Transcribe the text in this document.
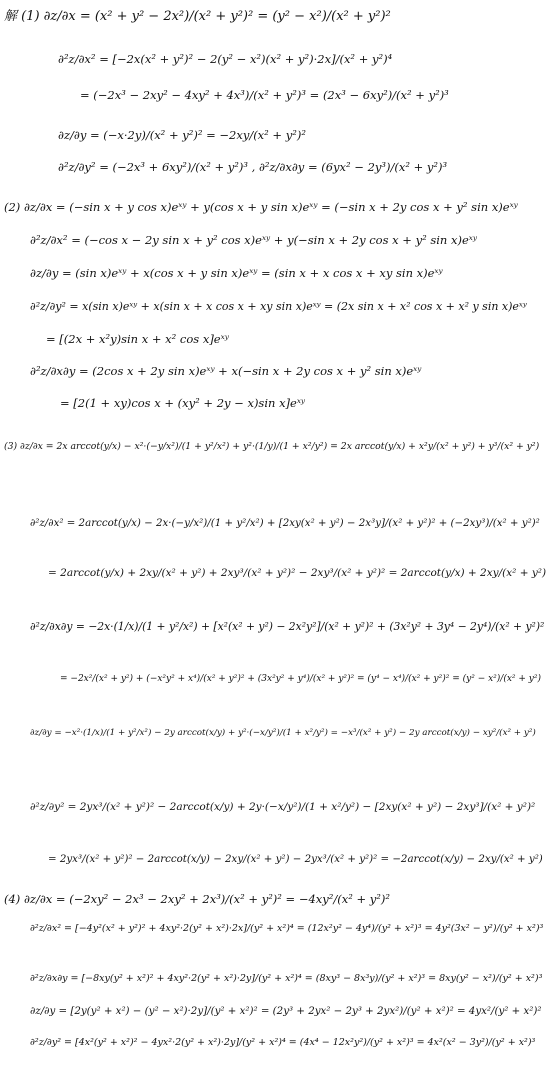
解 (1) ∂z/∂x = (x² + y² − 2x²)/(x² + y²)² = (y² − x²)/(x² + y²)²
∂²z/∂x² = [−2x(x² + y²)² − 2(y² − x²)(x² + y²)·2x]/(x² + y²)⁴
= (−2x³ − 2xy² − 4xy² + 4x³)/(x² + y²)³ = (2x³ − 6xy²)/(x² + y²)³
∂z/∂y = (−x·2y)/(x² + y²)² = −2xy/(x² + y²)²
∂²z/∂y² = (−2x³ + 6xy²)/(x² + y²)³ , ∂²z/∂x∂y = (6yx² − 2y³)/(x² + y²)³
(2) ∂z/∂x = (−sin x + y cos x)eˣʸ + y(cos x + y sin x)eˣʸ = (−sin x + 2y cos x + y² sin x)eˣʸ
∂²z/∂x² = (−cos x − 2y sin x + y² cos x)eˣʸ + y(−sin x + 2y cos x + y² sin x)eˣʸ
∂z/∂y = (sin x)eˣʸ + x(cos x + y sin x)eˣʸ = (sin x + x cos x + xy sin x)eˣʸ
∂²z/∂y² = x(sin x)eˣʸ + x(sin x + x cos x + xy sin x)eˣʸ = (2x sin x + x² cos x + x² y sin x)eˣʸ
= [(2x + x²y)sin x + x² cos x]eˣʸ
∂²z/∂x∂y = (2cos x + 2y sin x)eˣʸ + x(−sin x + 2y cos x + y² sin x)eˣʸ
= [2(1 + xy)cos x + (xy² + 2y − x)sin x]eˣʸ
(3) ∂z/∂x = 2x arccot(y/x) − x²·(−y/x²)/(1 + y²/x²) + y²·(1/y)/(1 + x²/y²) = 2x arccot(y/x) + x²y/(x² + y²) + y³/(x² + y²)
∂²z/∂x² = 2arccot(y/x) − 2x·(−y/x²)/(1 + y²/x²) + [2xy(x² + y²) − 2x³y]/(x² + y²)² + (−2xy³)/(x² + y²)²
= 2arccot(y/x) + 2xy/(x² + y²) + 2xy³/(x² + y²)² − 2xy³/(x² + y²)² = 2arccot(y/x) + 2xy/(x² + y²)
∂²z/∂x∂y = −2x·(1/x)/(1 + y²/x²) + [x²(x² + y²) − 2x²y²]/(x² + y²)² + (3x²y² + 3y⁴ − 2y⁴)/(x² + y²)²
= −2x²/(x² + y²) + (−x²y² + x⁴)/(x² + y²)² + (3x²y² + y⁴)/(x² + y²)² = (y⁴ − x⁴)/(x² + y²)² = (y² − x²)/(x² + y²)
∂z/∂y = −x²·(1/x)/(1 + y²/x²) − 2y arccot(x/y) + y²·(−x/y²)/(1 + x²/y²) = −x³/(x² + y²) − 2y arccot(x/y) − xy²/(x² + y²)
∂²z/∂y² = 2yx³/(x² + y²)² − 2arccot(x/y) + 2y·(−x/y²)/(1 + x²/y²) − [2xy(x² + y²) − 2xy³]/(x² + y²)²
= 2yx³/(x² + y²)² − 2arccot(x/y) − 2xy/(x² + y²) − 2yx³/(x² + y²)² = −2arccot(x/y) − 2xy/(x² + y²)
(4) ∂z/∂x = (−2xy² − 2x³ − 2xy² + 2x³)/(x² + y²)² = −4xy²/(x² + y²)²
∂²z/∂x² = [−4y²(x² + y²)² + 4xy²·2(y² + x²)·2x]/(y² + x²)⁴ = (12x²y² − 4y⁴)/(y² + x²)³ = 4y²(3x² − y²)/(y² + x²)³
∂²z/∂x∂y = [−8xy(y² + x²)² + 4xy²·2(y² + x²)·2y]/(y² + x²)⁴ = (8xy³ − 8x³y)/(y² + x²)³ = 8xy(y² − x²)/(y² + x²)³
∂z/∂y = [2y(y² + x²) − (y² − x²)·2y]/(y² + x²)² = (2y³ + 2yx² − 2y³ + 2yx²)/(y² + x²)² = 4yx²/(y² + x²)²
∂²z/∂y² = [4x²(y² + x²)² − 4yx²·2(y² + x²)·2y]/(y² + x²)⁴ = (4x⁴ − 12x²y²)/(y² + x²)³ = 4x²(x² − 3y²)/(y² + x²)³
